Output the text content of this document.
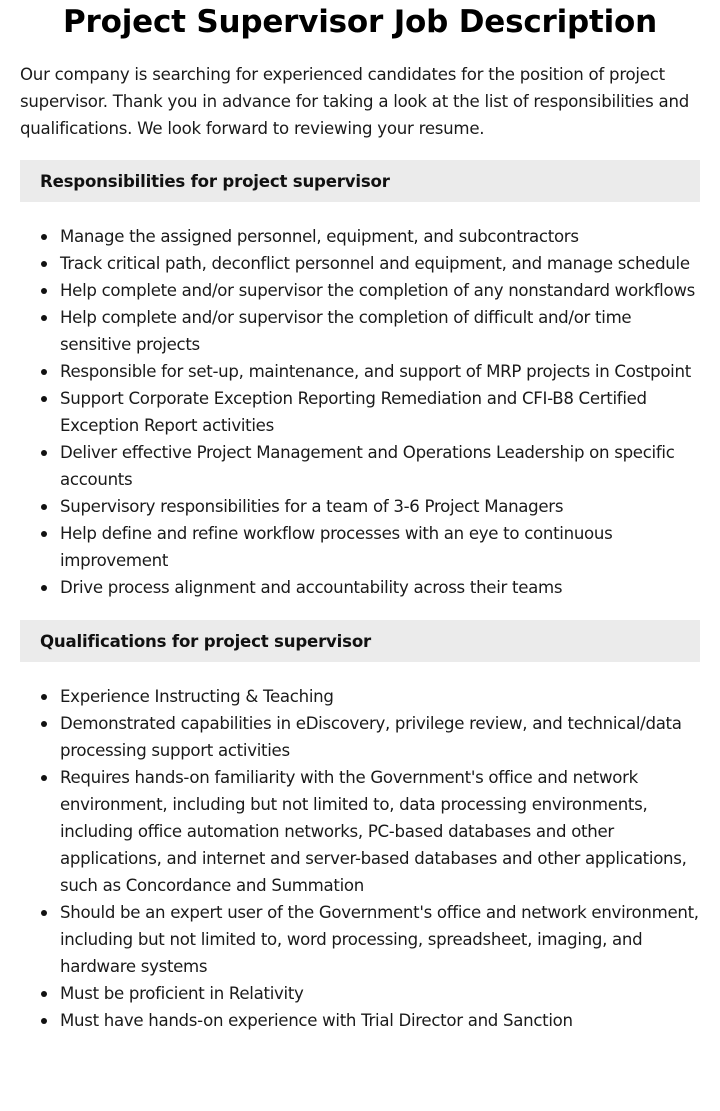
Project Supervisor Job Description

Our company is searching for experienced candidates for the position of project supervisor. Thank you in advance for taking a look at the list of responsibilities and qualifications. We look forward to reviewing your resume.

Responsibilities for project supervisor
Manage the assigned personnel, equipment, and subcontractors
Track critical path, deconflict personnel and equipment, and manage schedule
Help complete and/or supervisor the completion of any nonstandard workflows
Help complete and/or supervisor the completion of difficult and/or time sensitive projects
Responsible for set-up, maintenance, and support of MRP projects in Costpoint
Support Corporate Exception Reporting Remediation and CFI-B8 Certified Exception Report activities
Deliver effective Project Management and Operations Leadership on specific accounts
Supervisory responsibilities for a team of 3-6 Project Managers
Help define and refine workflow processes with an eye to continuous improvement
Drive process alignment and accountability across their teams
Qualifications for project supervisor
Experience Instructing & Teaching
Demonstrated capabilities in eDiscovery, privilege review, and technical/data processing support activities
Requires hands-on familiarity with the Government's office and network environment, including but not limited to, data processing environments, including office automation networks, PC-based databases and other applications, and internet and server-based databases and other applications, such as Concordance and Summation
Should be an expert user of the Government's office and network environment, including but not limited to, word processing, spreadsheet, imaging, and hardware systems
Must be proficient in Relativity
Must have hands-on experience with Trial Director and Sanction
